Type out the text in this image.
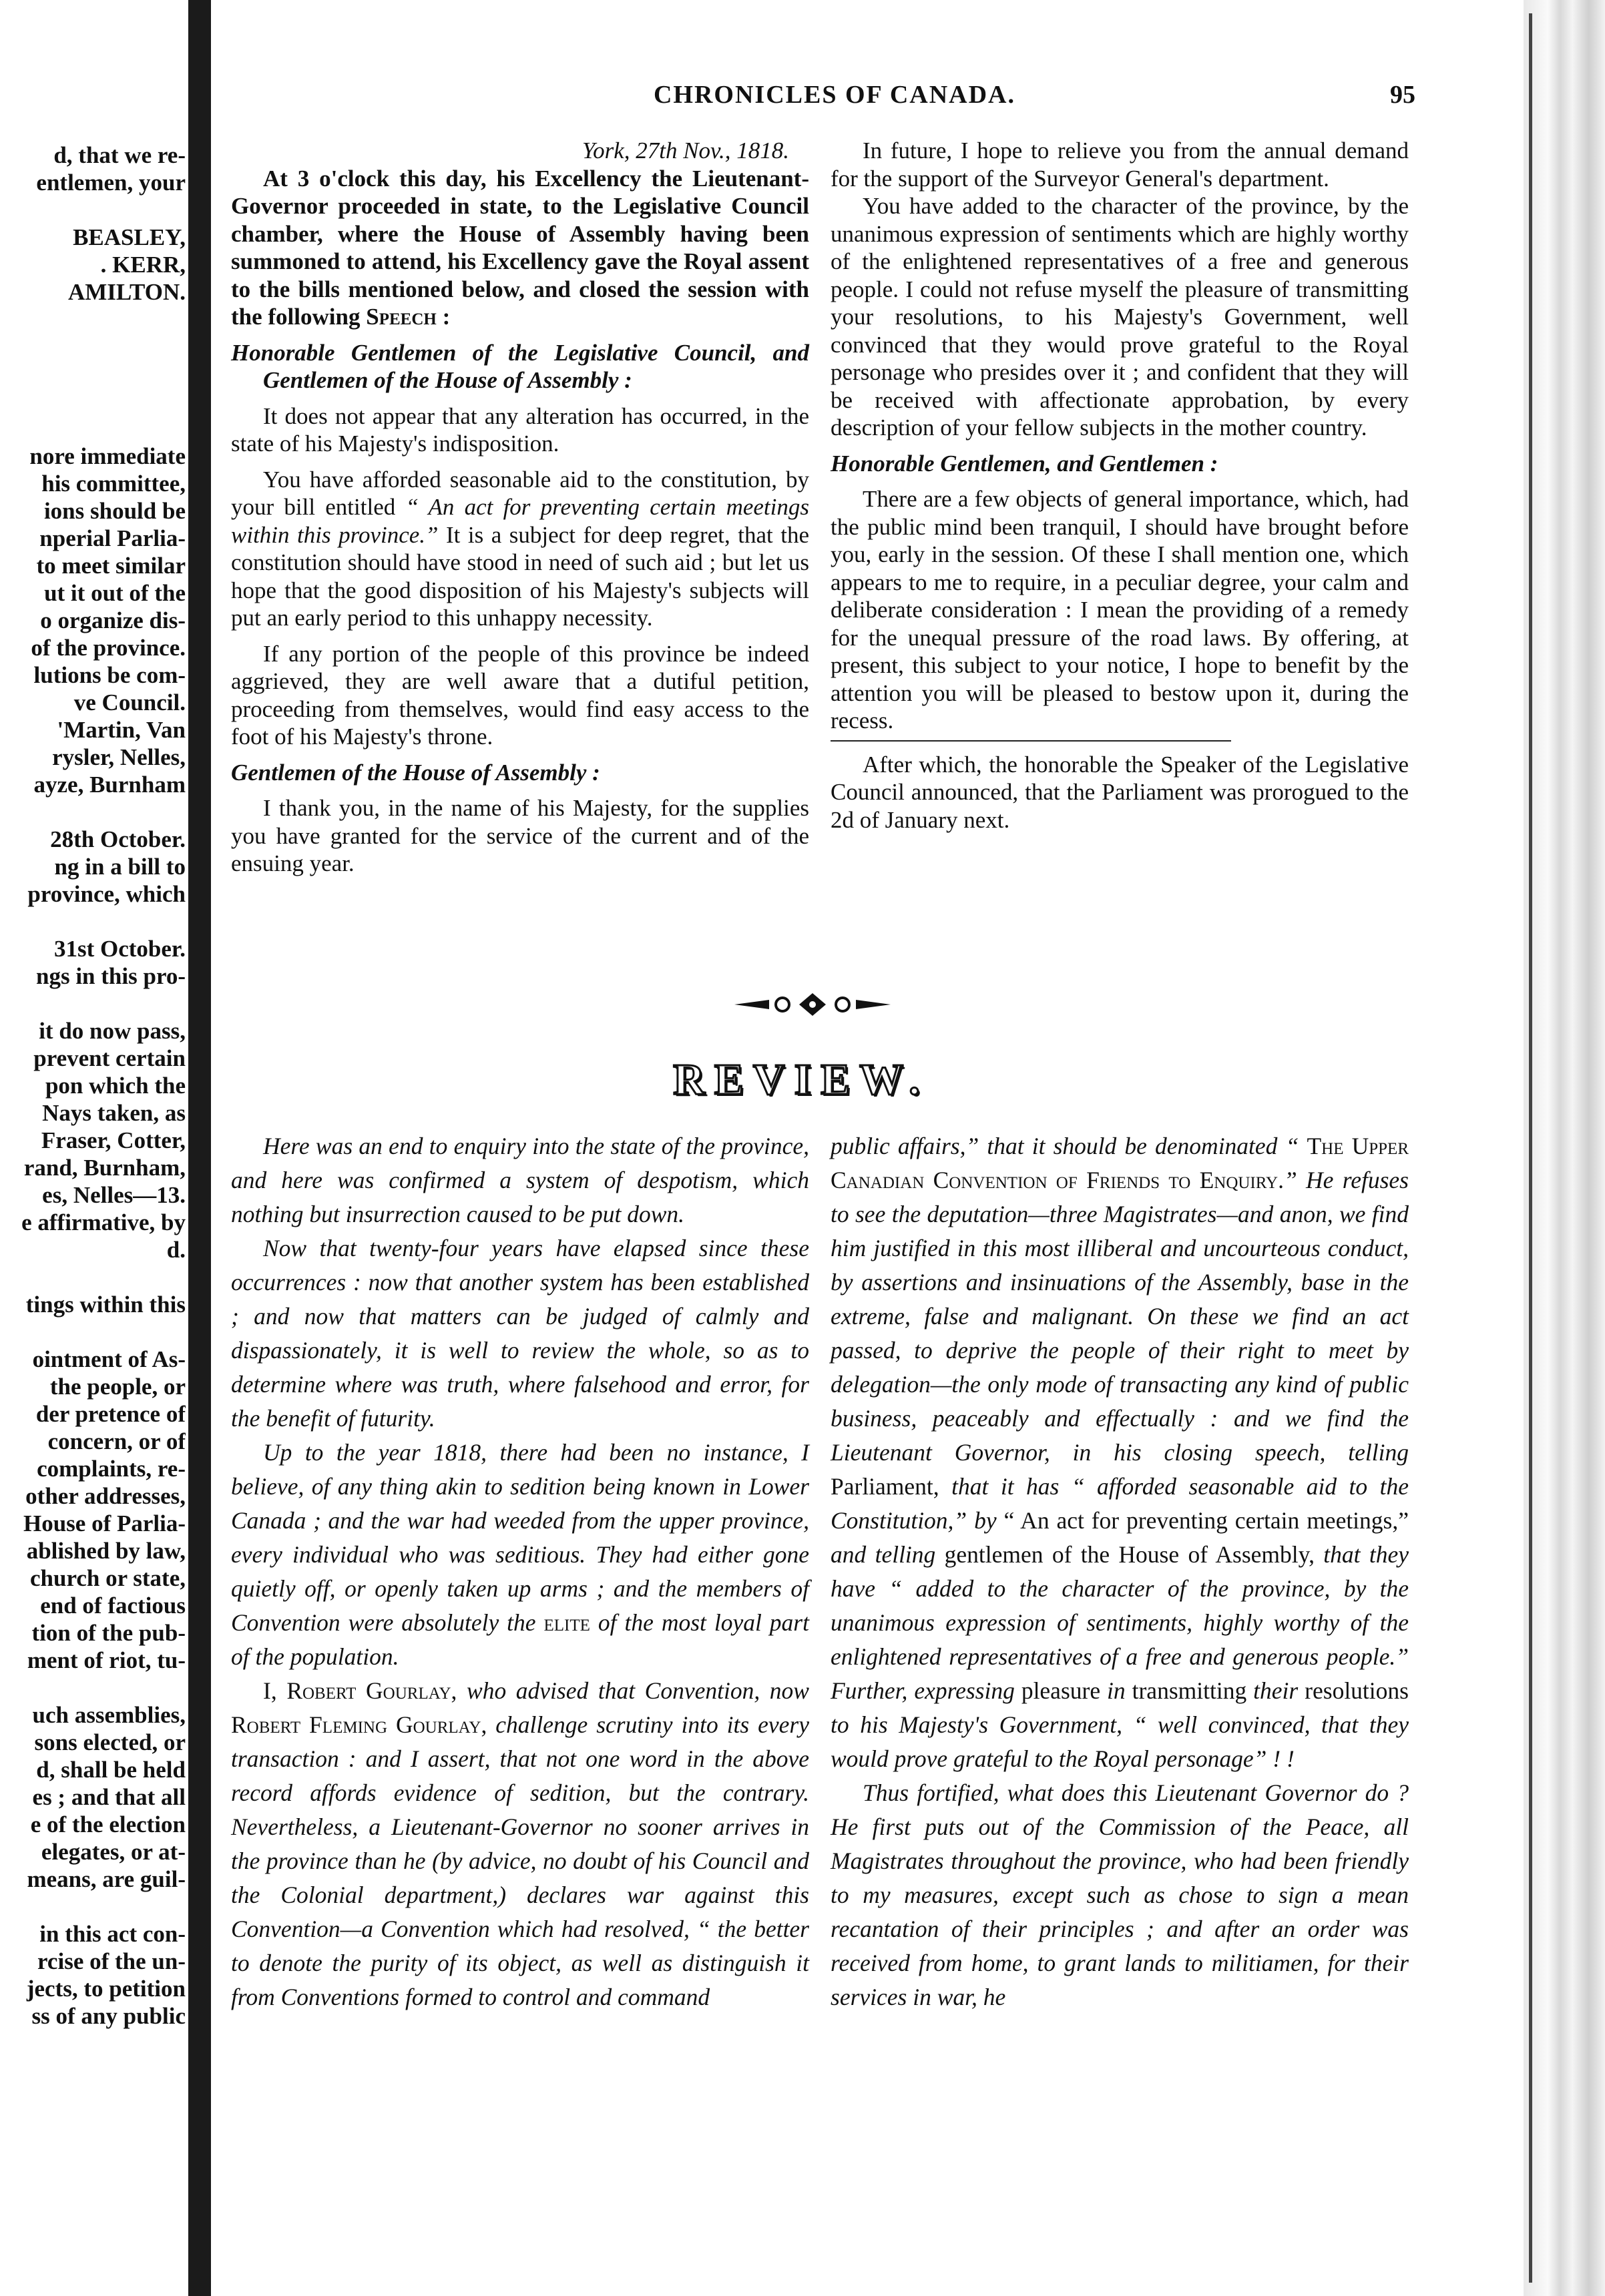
d, that we re-
entlemen, your
BEASLEY,
. KERR,
AMILTON.
nore immediate
his committee,
ions should be
nperial Parlia-
to meet similar
ut it out of the
o organize dis-
of the province.
lutions be com-
ve Council.
'Martin, Van
rysler, Nelles,
ayze, Burnham
28th October.
ng in a bill to
province, which
31st October.
ngs in this pro-
it do now pass,
prevent certain
pon which the
Nays taken, as
Fraser, Cotter,
rand, Burnham,
es, Nelles—13.
e affirmative, by
d.
tings within this
ointment of As-
the people, or
der pretence of
concern, or of
complaints, re-
other addresses,
House of Parlia-
ablished by law,
church or state,
end of factious
tion of the pub-
ment of riot, tu-
uch assemblies,
sons elected, or
d, shall be held
es ; and that all
e of the election
elegates, or at-
means, are guil-
in this act con-
rcise of the un-
jects, to petition
ss of any public
CHRONICLES OF CANADA.	95

York, 27th Nov., 1818.

At 3 o'clock this day, his Excellency the Lieutenant-Governor proceeded in state, to the Legislative Council chamber, where the House of Assembly having been summoned to attend, his Excellency gave the Royal assent to the bills mentioned below, and closed the session with the following Speech :

Honorable Gentlemen of the Legislative Council, and Gentlemen of the House of Assembly :

It does not appear that any alteration has occurred, in the state of his Majesty's indisposition.

You have afforded seasonable aid to the constitution, by your bill entitled “ An act for preventing certain meetings within this province.” It is a subject for deep regret, that the constitution should have stood in need of such aid ; but let us hope that the good disposition of his Majesty's subjects will put an early period to this unhappy necessity.

If any portion of the people of this province be indeed aggrieved, they are well aware that a dutiful petition, proceeding from themselves, would find easy access to the foot of his Majesty's throne.

Gentlemen of the House of Assembly :

I thank you, in the name of his Majesty, for the supplies you have granted for the service of the current and of the ensuing year.

In future, I hope to relieve you from the annual demand for the support of the Surveyor General's department.

You have added to the character of the province, by the unanimous expression of sentiments which are highly worthy of the enlightened representatives of a free and generous people. I could not refuse myself the pleasure of transmitting your resolutions, to his Majesty's Government, well convinced that they would prove grateful to the Royal personage who presides over it ; and confident that they will be received with affectionate approbation, by every description of your fellow subjects in the mother country.

Honorable Gentlemen, and Gentlemen :

There are a few objects of general importance, which, had the public mind been tranquil, I should have brought before you, early in the session. Of these I shall mention one, which appears to me to require, in a peculiar degree, your calm and deliberate consideration : I mean the providing of a remedy for the unequal pressure of the road laws. By offering, at present, this subject to your notice, I hope to benefit by the attention you will be pleased to bestow upon it, during the recess.

After which, the honorable the Speaker of the Legislative Council announced, that the Parliament was prorogued to the 2d of January next.

REVIEW.

Here was an end to enquiry into the state of the province, and here was confirmed a system of despotism, which nothing but insurrection caused to be put down.

Now that twenty-four years have elapsed since these occurrences : now that another system has been established ; and now that matters can be judged of calmly and dispassionately, it is well to review the whole, so as to determine where was truth, where falsehood and error, for the benefit of futurity.

Up to the year 1818, there had been no instance, I believe, of any thing akin to sedition being known in Lower Canada ; and the war had weeded from the upper province, every individual who was seditious. They had either gone quietly off, or openly taken up arms ; and the members of Convention were absolutely the elite of the most loyal part of the population.

I, Robert Gourlay, who advised that Convention, now Robert Fleming Gourlay, challenge scrutiny into its every transaction : and I assert, that not one word in the above record affords evidence of sedition, but the contrary. Nevertheless, a Lieutenant-Governor no sooner arrives in the province than he (by advice, no doubt of his Council and the Colonial department,) declares war against this Convention—a Convention which had resolved, “ the better to denote the purity of its object, as well as distinguish it from Conventions formed to control and command

public affairs,” that it should be denominated “ The Upper Canadian Convention of Friends to Enquiry.” He refuses to see the deputation—three Magistrates—and anon, we find him justified in this most illiberal and uncourteous conduct, by assertions and insinuations of the Assembly, base in the extreme, false and malignant. On these we find an act passed, to deprive the people of their right to meet by delegation—the only mode of transacting any kind of public business, peaceably and effectually : and we find the Lieutenant Governor, in his closing speech, telling Parliament, that it has “ afforded seasonable aid to the Constitution,” by “ An act for preventing certain meetings,” and telling gentlemen of the House of Assembly, that they have “ added to the character of the province, by the unanimous expression of sentiments, highly worthy of the enlightened representatives of a free and generous people.” Further, expressing pleasure in transmitting their resolutions to his Majesty's Government, “ well convinced, that they would prove grateful to the Royal personage” ! !

Thus fortified, what does this Lieutenant Governor do ? He first puts out of the Commission of the Peace, all Magistrates throughout the province, who had been friendly to my measures, except such as chose to sign a mean recantation of their principles ; and after an order was received from home, to grant lands to militiamen, for their services in war, he
